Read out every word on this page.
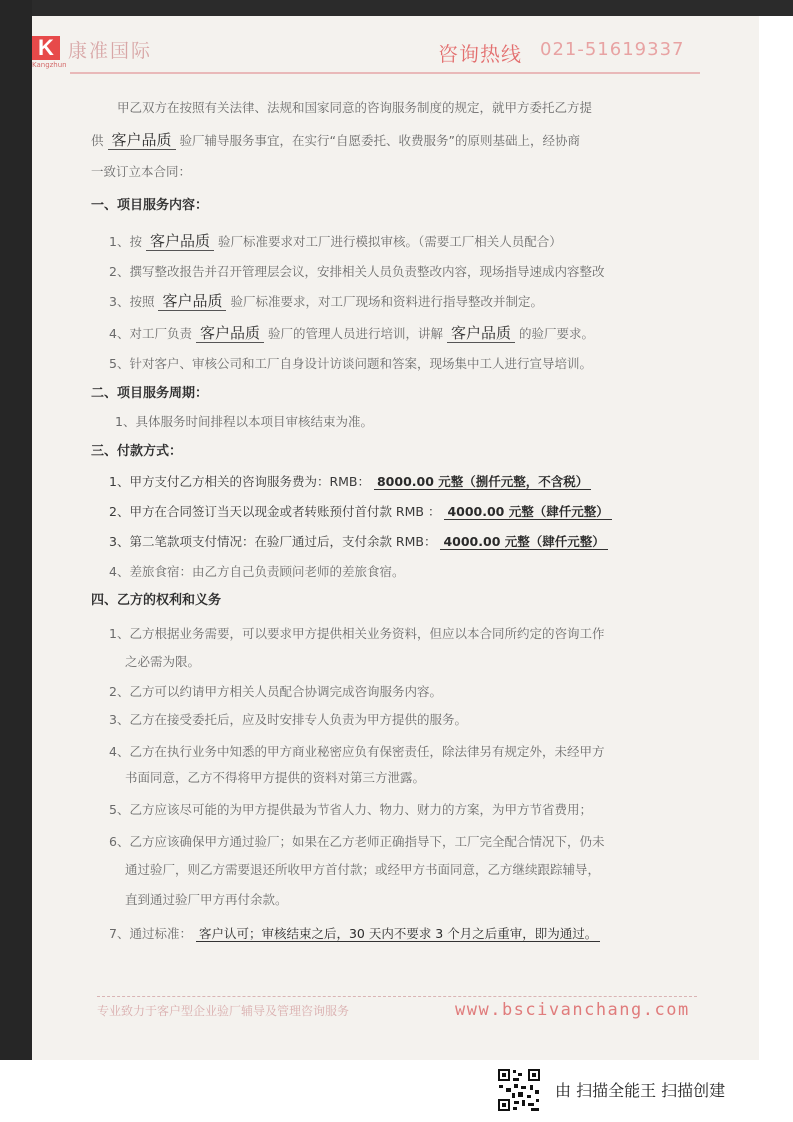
K
Kangzhun
康准国际	咨询热线 021-51619337
甲乙双方在按照有关法律、法规和国家同意的咨询服务制度的规定，就甲方委托乙方提
供 客户品质 验厂辅导服务事宜，在实行“自愿委托、收费服务”的原则基础上，经协商
一致订立本合同：
一、项目服务内容：
1、按 客户品质 验厂标准要求对工厂进行模拟审核。（需要工厂相关人员配合）
2、撰写整改报告并召开管理层会议，安排相关人员负责整改内容，现场指导速成内容整改
3、按照 客户品质 验厂标准要求，对工厂现场和资料进行指导整改并制定。
4、对工厂负责 客户品质 验厂的管理人员进行培训，讲解 客户品质 的验厂要求。
5、针对客户、审核公司和工厂自身设计访谈问题和答案，现场集中工人进行宣导培训。
二、项目服务周期：
1、具体服务时间排程以本项目审核结束为准。
三、付款方式：
1、甲方支付乙方相关的咨询服务费为：RMB： 8000.00 元整（捌仟元整，不含税）
2、甲方在合同签订当天以现金或者转账预付首付款 RMB ： 4000.00 元整（肆仟元整）
3、第二笔款项支付情况：在验厂通过后，支付余款 RMB： 4000.00 元整（肆仟元整）
4、差旅食宿：由乙方自己负责顾问老师的差旅食宿。
四、乙方的权利和义务
1、乙方根据业务需要，可以要求甲方提供相关业务资料，但应以本合同所约定的咨询工作
之必需为限。
2、乙方可以约请甲方相关人员配合协调完成咨询服务内容。
3、乙方在接受委托后，应及时安排专人负责为甲方提供的服务。
4、乙方在执行业务中知悉的甲方商业秘密应负有保密责任，除法律另有规定外，未经甲方
书面同意，乙方不得将甲方提供的资料对第三方泄露。
5、乙方应该尽可能的为甲方提供最为节省人力、物力、财力的方案，为甲方节省费用；
6、乙方应该确保甲方通过验厂；如果在乙方老师正确指导下，工厂完全配合情况下，仍未
通过验厂，则乙方需要退还所收甲方首付款；或经甲方书面同意，乙方继续跟踪辅导，
直到通过验厂甲方再付余款。
7、通过标准： 客户认可；审核结束之后，30 天内不要求 3 个月之后重审，即为通过。
专业致力于客户型企业验厂辅导及管理咨询服务	www.bscivanchang.com
由 扫描全能王 扫描创建
